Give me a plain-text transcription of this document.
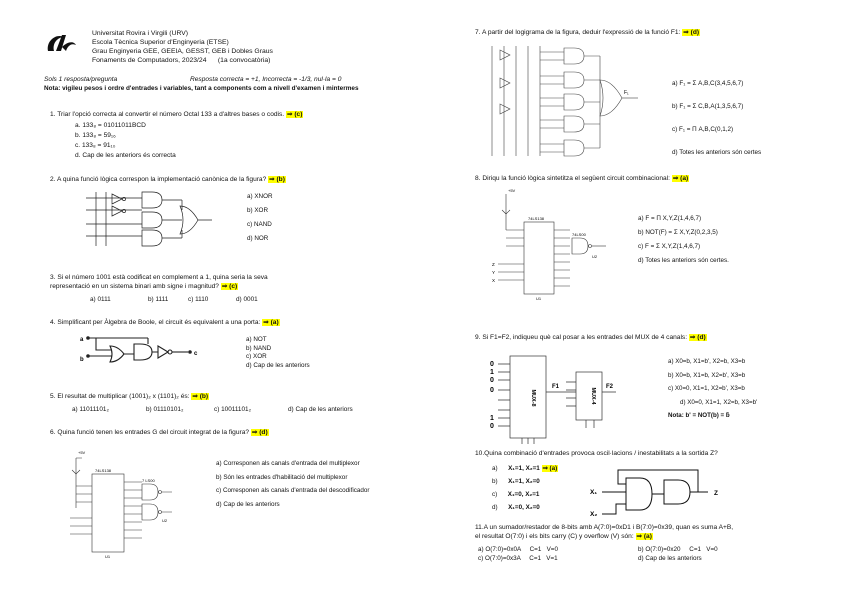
URV
Universitat Rovira i Virgili (URV)
Escola Tècnica Superior d'Enginyeria (ETSE)
Grau Enginyeria GEE, GEEIA, GESST, GEB i Dobles Graus
Fonaments de Computadors, 2023/24 (1a convocatòria)
Sols 1 resposta/pregunta	Resposta correcta = +1, Incorrecta = -1/3, nul·la = 0
Nota: vigileu pesos i ordre d'entrades i variables, tant a components com a nivell d'examen i mintermes
1. Triar l'opció correcta al convertir el número Octal 133 a d'altres bases o codis. ⇒ (c)
a. 133₈ = 01011011BCD
b. 133₈ = 59₁₆
c. 133₈ = 91₁₀
d. Cap de les anteriors és correcta
2. A quina funció lògica correspon la implementació canònica de la figura? ⇒ (b)
a) XNOR
b) XOR
c) NAND
d) NOR
3. Si el número 1001 està codificat en complement a 1, quina seria la seva
representació en un sistema binari amb signe i magnitud? ⇒ (c)
a) 0111	b) 1111	c) 1110	d) 0001
4. Simplificant per Àlgebra de Boole, el circuit és equivalent a una porta: ⇒ (a)
a
b
c
a) NOT
b) NAND
c) XOR
d) Cap de les anteriors
5. El resultat de multiplicar (1001)₂ x (1101)₂ és: ⇒ (b)
a) 11011101₂	b) 01110101₂	c) 10011101₂	d) Cap de les anteriors
6. Quina funció tenen les entrades G del circuit integrat de la figura? ⇒ (d)
+5V
74LS138
7 LS00
U2
U1
a) Corresponen als canals d'entrada del multiplexor
b) Són les entrades d'habilitació del multiplexor
c) Corresponen als canals d'entrada del descodificador
d) Cap de les anteriors
7. A partir del logigrama de la figura, deduir l'expressió de la funció F1: ⇒ (d)
F₁
a) F₁ = Σ A,B,C(3,4,5,6,7)
b) F₁ = Σ C,B,A(1,3,5,6,7)
c) F₁ = Π A,B,C(0,1,2)
d) Totes les anteriors són certes
8. Diriqu la funció lògica sintetitza el següent circuit combinacional: ⇒ (a)
+5V
74LS138
74LS00
Z
Y
X
U1
U2
a) F = Π X,Y,Z(1,4,6,7)
b) NOT(F) = Σ X,Y,Z(0,2,3,5)
c) F = Σ X,Y,Z(1,4,6,7)
d) Totes les anteriors són certes.
9. Si F1=F2, indiqueu què cal posar a les entrades del MUX de 4 canals: ⇒ (d)
0
1
0
0
1
0
MUX-8	MUX-4
F1	F2
a) X0=b, X1=b', X2=b, X3=b
b) X0=b, X1=b, X2=b', X3=b
c) X0=0, X1=1, X2=b', X3=b
d) X0=0, X1=1, X2=b, X3=b'
Nota: b' = NOT(b) = b̄
10.Quina combinació d'entrades provoca oscil·lacions / inestabilitats a la sortida Z?
a) X₁=1, X₂=1 ⇒ (a)
b) X₁=1, X₂=0
c) X₁=0, X₂=1
d) X₁=0, X₂=0
X₁
X₂
Z
11.A un sumador/restador de 8-bits amb A(7:0)=0xD1 i B(7:0)=0x39, quan es suma A+B,
el resultat O(7:0) i els bits carry (C) y overflow (V) són: ⇒ (a)
a) O(7:0)=0x0A     C=1   V=0	b) O(7:0)=0x20     C=1   V=0
c) O(7:0)=0x3A     C=1   V=1	d) Cap de les anteriors
